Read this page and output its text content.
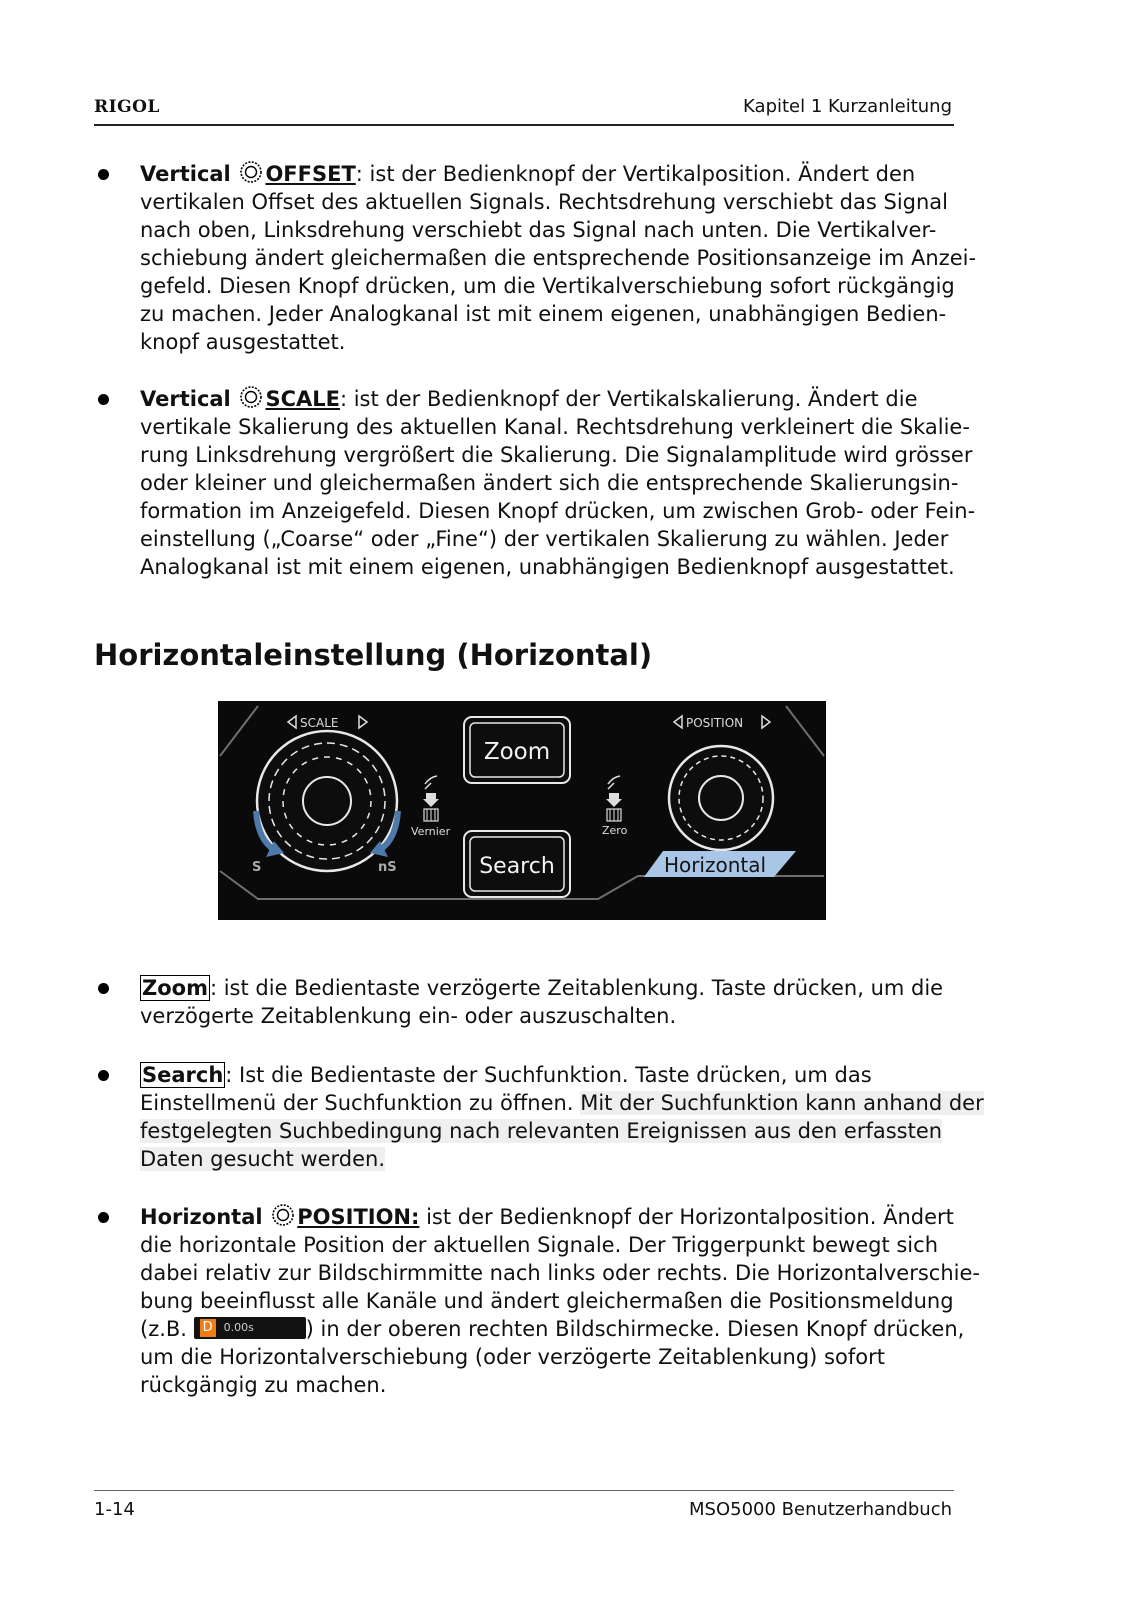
RIGOL	Kapitel 1 Kurzanleitung
Vertical OFFSET: ist der Bedienknopf der Vertikalposition. Ändert den
vertikalen Offset des aktuellen Signals. Rechtsdrehung verschiebt das Signal
nach oben, Linksdrehung verschiebt das Signal nach unten. Die Vertikalver-
schiebung ändert gleichermaßen die entsprechende Positionsanzeige im Anzei-
gefeld. Diesen Knopf drücken, um die Vertikalverschiebung sofort rückgängig
zu machen. Jeder Analogkanal ist mit einem eigenen, unabhängigen Bedien-
knopf ausgestattet.
Vertical SCALE: ist der Bedienknopf der Vertikalskalierung. Ändert die
vertikale Skalierung des aktuellen Kanal. Rechtsdrehung verkleinert die Skalie-
rung Linksdrehung vergrößert die Skalierung. Die Signalamplitude wird grösser
oder kleiner und gleichermaßen ändert sich die entsprechende Skalierungsin-
formation im Anzeigefeld. Diesen Knopf drücken, um zwischen Grob- oder Fein-
einstellung („Coarse“ oder „Fine“) der vertikalen Skalierung zu wählen. Jeder
Analogkanal ist mit einem eigenen, unabhängigen Bedienknopf ausgestattet.
Horizontaleinstellung (Horizontal)
SCALE
S	nS
Vernier
Zoom
Search
Zero
POSITION
Horizontal
Zoom: ist die Bedientaste verzögerte Zeitablenkung. Taste drücken, um die
verzögerte Zeitablenkung ein- oder auszuschalten.
Search: Ist die Bedientaste der Suchfunktion. Taste drücken, um das
Einstellmenü der Suchfunktion zu öffnen. Mit der Suchfunktion kann anhand der
festgelegten Suchbedingung nach relevanten Ereignissen aus den erfassten
Daten gesucht werden.
Horizontal POSITION: ist der Bedienknopf der Horizontalposition. Ändert
die horizontale Position der aktuellen Signale. Der Triggerpunkt bewegt sich
dabei relativ zur Bildschirmmitte nach links oder rechts. Die Horizontalverschie-
bung beeinflusst alle Kanäle und ändert gleichermaßen die Positionsmeldung
(z.B. D 0.00s ) in der oberen rechten Bildschirmecke. Diesen Knopf drücken,
um die Horizontalverschiebung (oder verzögerte Zeitablenkung) sofort
rückgängig zu machen.
1-14	MSO5000 Benutzerhandbuch
